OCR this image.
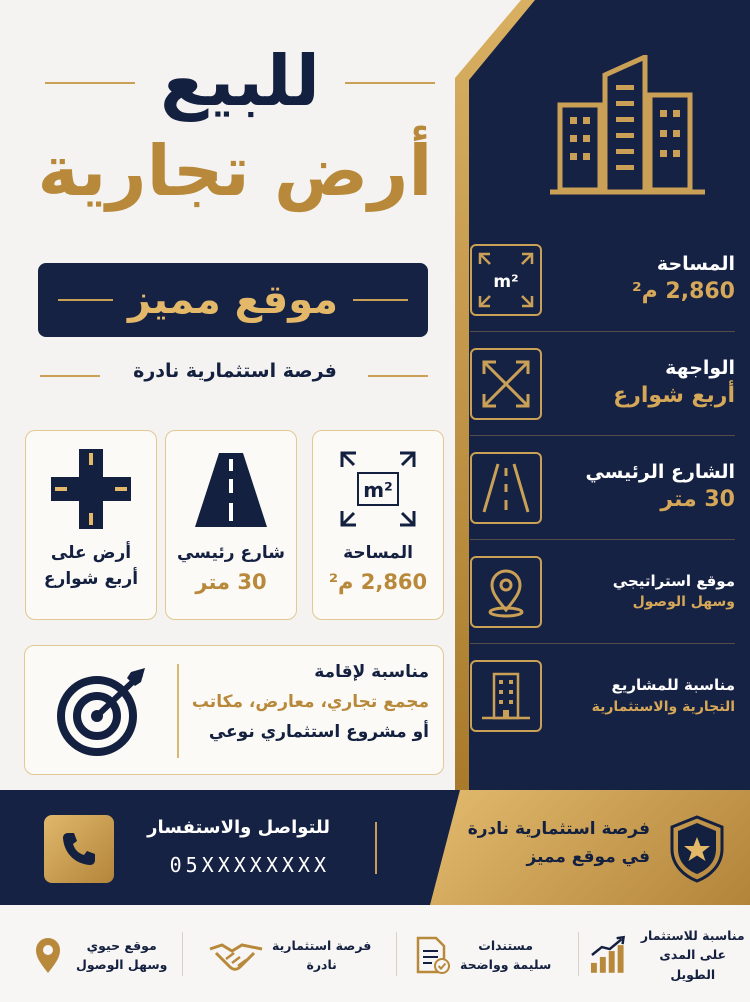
m²
المساحة
2,860 م²
الواجهة
أربع شوارع
الشارع الرئيسي
30 متر
موقع استراتيجي
وسهل الوصول
مناسبة للمشاريع
التجارية والاستثمارية
للبيع
أرض تجارية
موقع مميز
فرصة استثمارية نادرة
m²
المساحة
2,860 م²
شارع رئيسي
30 متر
أرض على
أربع شوارع
مناسبة لإقامة
مجمع تجاري، معارض، مكاتب
أو مشروع استثماري نوعي
للتواصل والاستفسار
05XXXXXXXX
فرصة استثمارية نادرة
في موقع مميز
مناسبة للاستثمار
على المدى الطويل
مستندات
سليمة وواضحة
فرصة استثمارية
نادرة
موقع حيوي
وسهل الوصول
